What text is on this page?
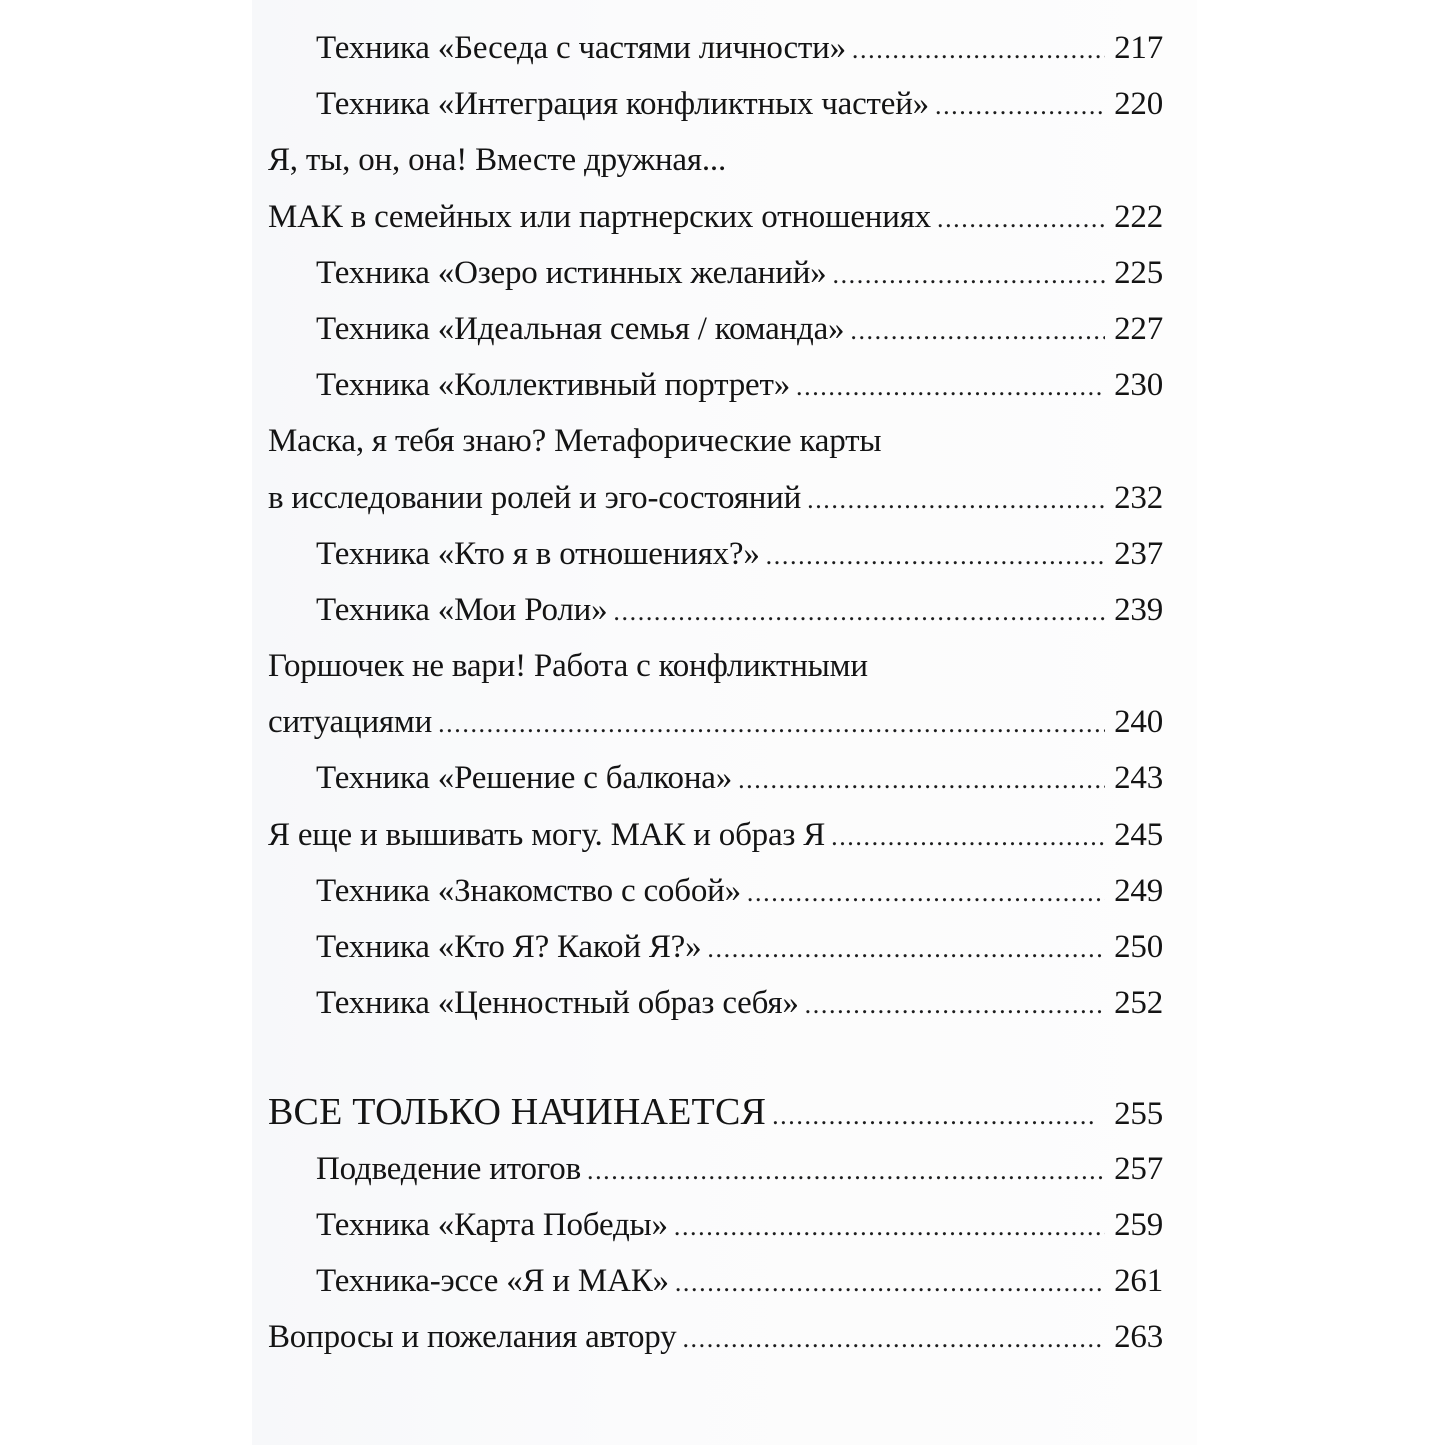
Техника «Беседа с частями личности» .....	217
Техника «Интеграция конфликтных частей» .....	220
Я, ты, он, она! Вместе дружная...
МАК в семейных или партнерских отношениях .....	222
Техника «Озеро истинных желаний» .....	225
Техника «Идеальная семья / команда» .....	227
Техника «Коллективный портрет» .....	230
Маска, я тебя знаю? Метафорические карты
в исследовании ролей и эго-состояний .....	232
Техника «Кто я в отношениях?» .....	237
Техника «Мои Роли» .....	239
Горшочек не вари! Работа с конфликтными
ситуациями .....	240
Техника «Решение с балкона» .....	243
Я еще и вышивать могу. МАК и образ Я .....	245
Техника «Знакомство с собой» .....	249
Техника «Кто Я? Какой Я?» .....	250
Техника «Ценностный образ себя» .....	252
ВСЕ ТОЛЬКО НАЧИНАЕТСЯ .....	255
Подведение итогов .....	257
Техника «Карта Победы» .....	259
Техника-эссе «Я и МАК» .....	261
Вопросы и пожелания автору .....	263
